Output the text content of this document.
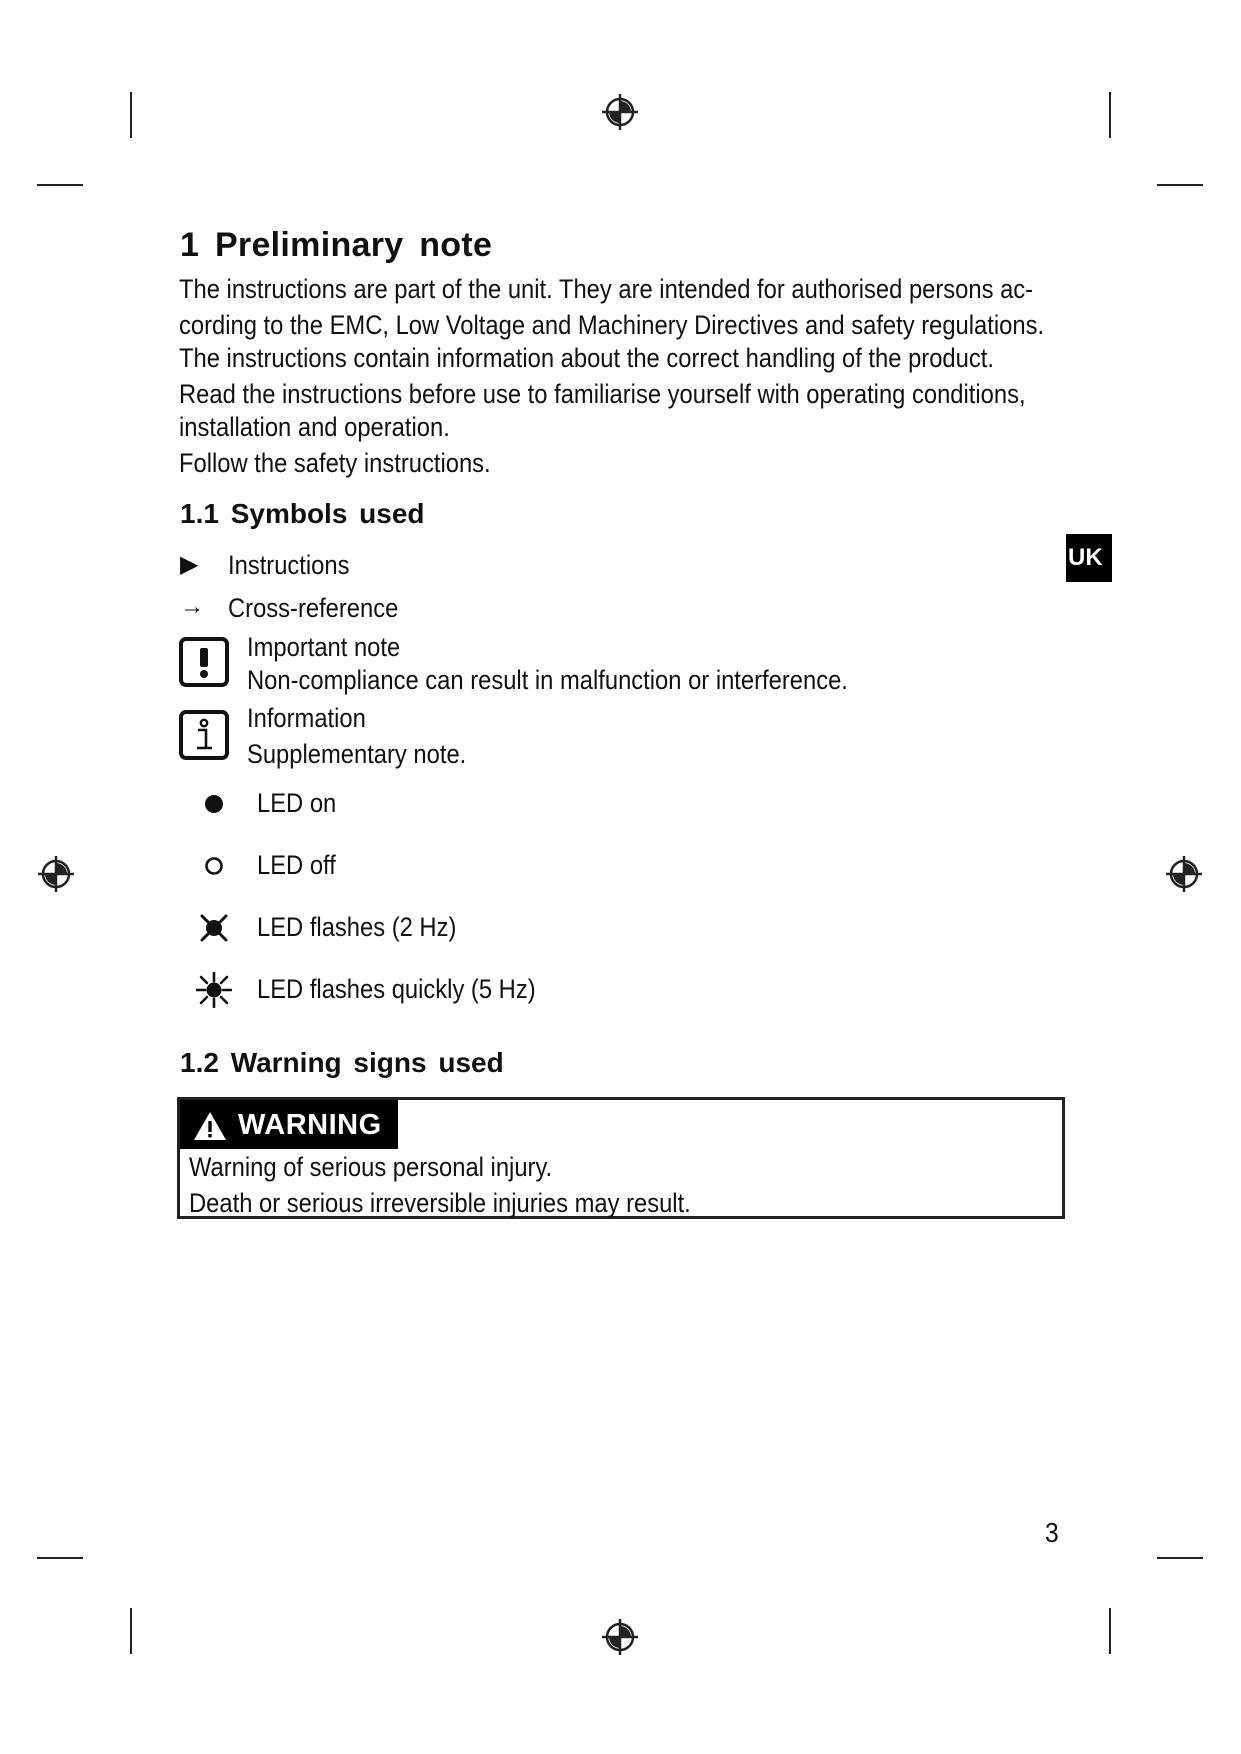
1 Preliminary note
The instructions are part of the unit. They are intended for authorised persons ac-
cording to the EMC, Low Voltage and Machinery Directives and safety regulations.
The instructions contain information about the correct handling of the product.
Read the instructions before use to familiarise yourself with operating conditions,
installation and operation.
Follow the safety instructions.
1.1 Symbols used
▶ Instructions
→ Cross-reference
Important note
Non-compliance can result in malfunction or interference.
Information
Supplementary note.
LED on
LED off
LED flashes (2 Hz)
LED flashes quickly (5 Hz)
UK
1.2 Warning signs used
WARNING
Warning of serious personal injury.
Death or serious irreversible injuries may result.
3
